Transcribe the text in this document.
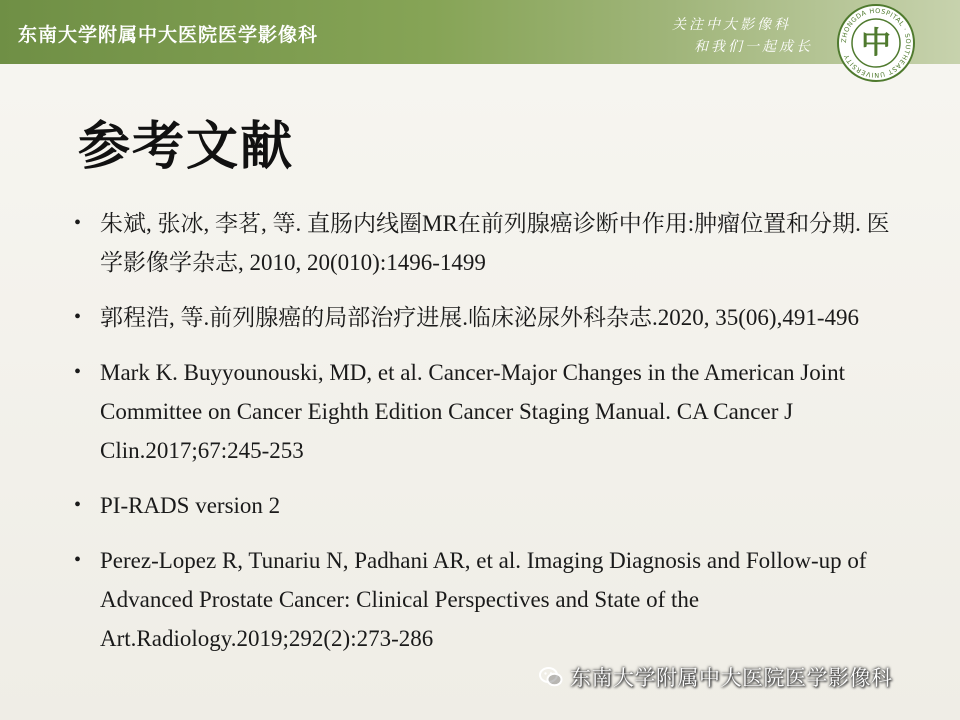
东南大学附属中大医院医学影像科	关注中大影像科
和我们一起成长	ZHONGDA HOSPITAL · SOUTHEAST UNIVERSITY 中
参考文献
• 朱斌, 张冰, 李茗, 等. 直肠内线圈MR在前列腺癌诊断中作用:肿瘤位置和分期. 医学影像学杂志, 2010, 20(010):1496-1499
• 郭程浩, 等.前列腺癌的局部治疗进展.临床泌尿外科杂志.2020, 35(06),491-496
• Mark K. Buyyounouski, MD, et al. Cancer-Major Changes in the American Joint Committee on Cancer Eighth Edition Cancer Staging Manual. CA Cancer J Clin.2017;67:245-253
• PI-RADS version 2
• Perez-Lopez R, Tunariu N, Padhani AR, et al. Imaging Diagnosis and Follow-up of Advanced Prostate Cancer: Clinical Perspectives and State of the Art.Radiology.2019;292(2):273-286
东南大学附属中大医院医学影像科
